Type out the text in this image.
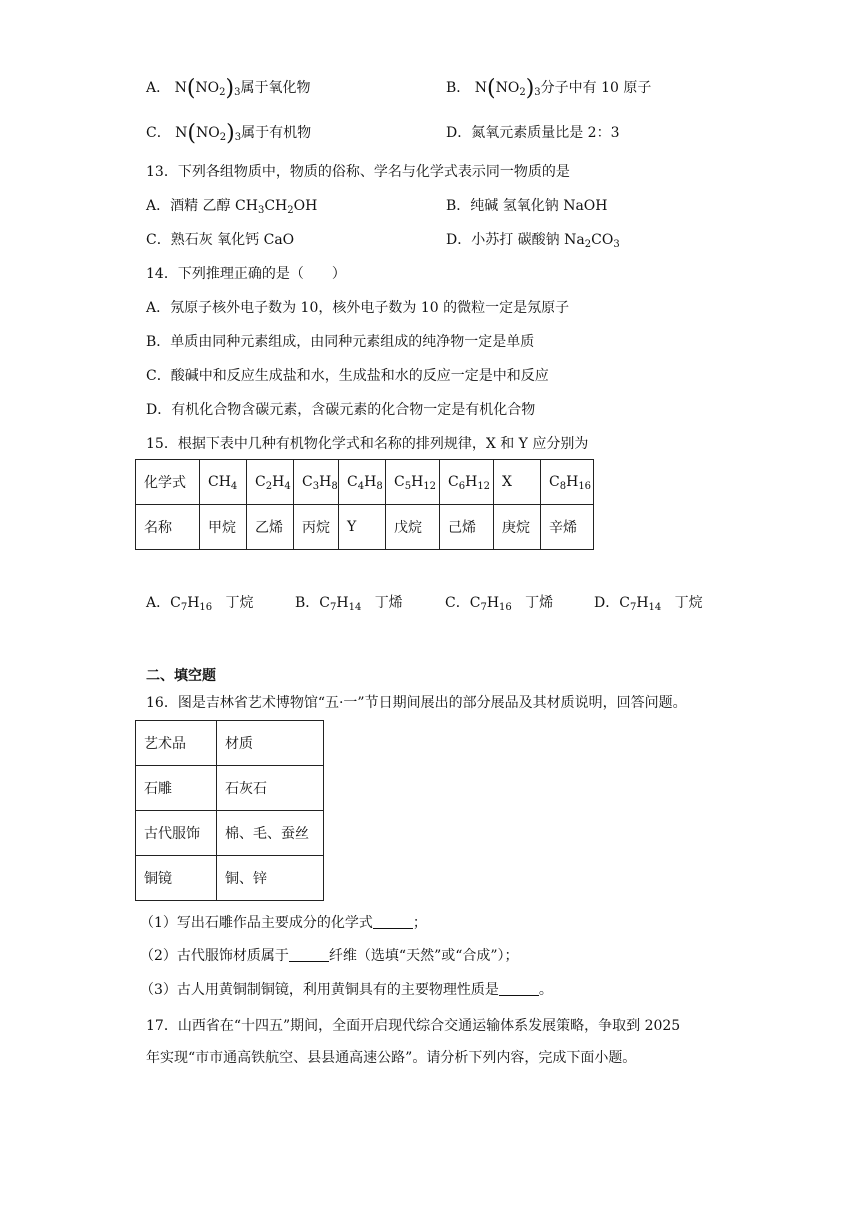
A． $N(NO_2)_3$属于氧化物	B． $N(NO_2)_3$分子中有 10 原子
C． $N(NO_2)_3$属于有机物	D．氮氧元素质量比是 2：3
13．下列各组物质中，物质的俗称、学名与化学式表示同一物质的是
A．酒精 乙醇 $CH_3CH_2OH$	B．纯碱 氢氧化钠 NaOH
C．熟石灰 氧化钙 CaO	D．小苏打 碳酸钠 $Na_2CO_3$
14．下列推理正确的是（　　）
A．氖原子核外电子数为 10，核外电子数为 10 的微粒一定是氖原子
B．单质由同种元素组成，由同种元素组成的纯净物一定是单质
C．酸碱中和反应生成盐和水，生成盐和水的反应一定是中和反应
D．有机化合物含碳元素，含碳元素的化合物一定是有机化合物
15．根据下表中几种有机物化学式和名称的排列规律，X 和 Y 应分别为
化学式	$CH_4$	$C_2H_4$	$C_3H_8$	$C_4H_8$	$C_5H_{12}$	$C_6H_{12}$	X	$C_8H_{16}$
名称	甲烷	乙烯	丙烷	Y	戊烷	己烯	庚烷	辛烯
A．$C_7H_{16}$ 丁烷	B．$C_7H_{14}$ 丁烯	C．$C_7H_{16}$ 丁烯	D．$C_7H_{14}$ 丁烷
二、填空题
16．图是吉林省艺术博物馆“五·一”节日期间展出的部分展品及其材质说明，回答问题。
艺术品	材质
石雕	石灰石
古代服饰	棉、毛、蚕丝
铜镜	铜、锌
（1）写出石雕作品主要成分的化学式	；
（2）古代服饰材质属于	纤维（选填“天然”或“合成”）；
（3）古人用黄铜制铜镜，利用黄铜具有的主要物理性质是	。
17．山西省在“十四五”期间，全面开启现代综合交通运输体系发展策略，争取到 2025
年实现“市市通高铁航空、县县通高速公路”。请分析下列内容，完成下面小题。
